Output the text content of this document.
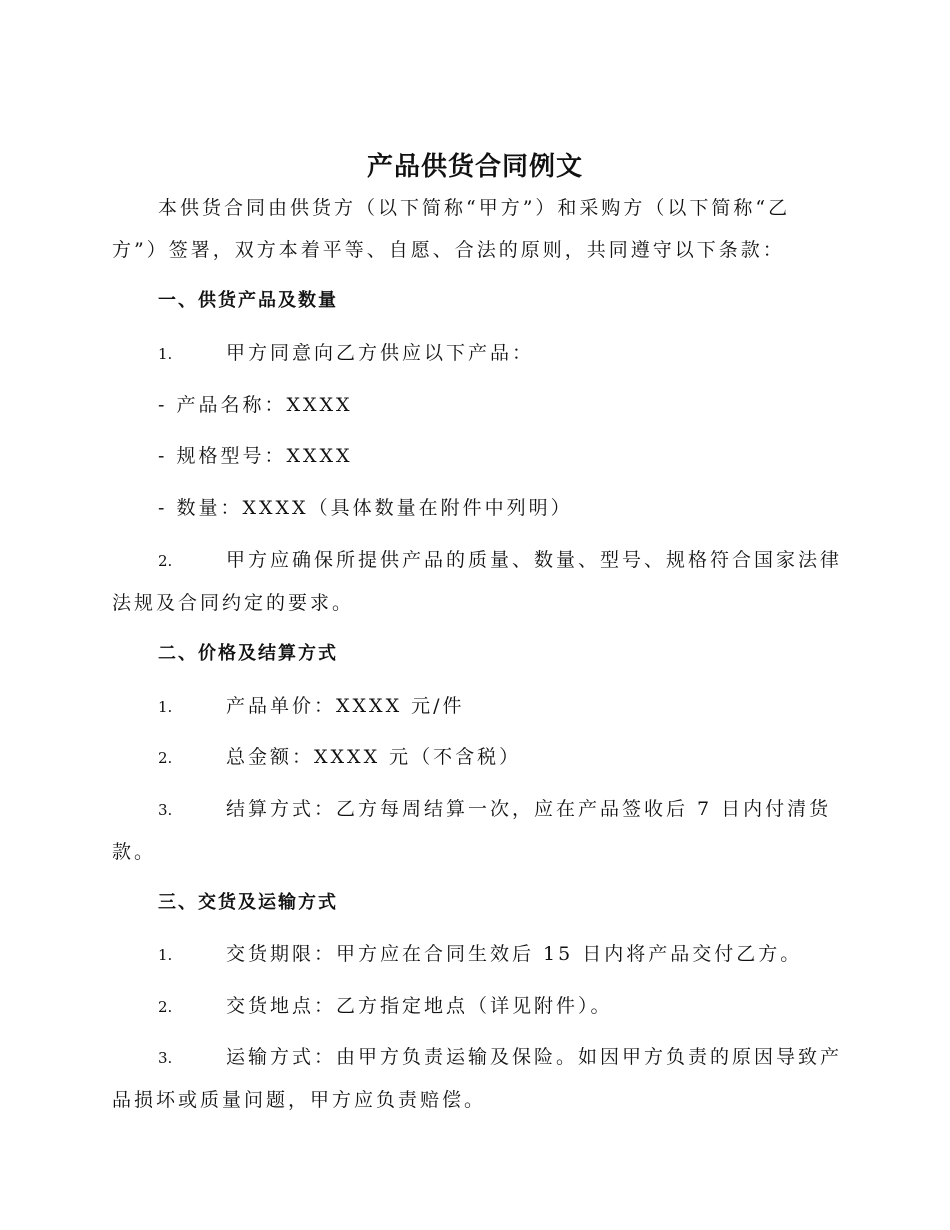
产品供货合同例文

本供货合同由供货方（以下简称“甲方”）和采购方（以下简称“乙

方”）签署，双方本着平等、自愿、合法的原则，共同遵守以下条款：

一、供货产品及数量

1.	甲方同意向乙方供应以下产品：

- 产品名称：XXXX

- 规格型号：XXXX

- 数量：XXXX（具体数量在附件中列明）

2.	甲方应确保所提供产品的质量、数量、型号、规格符合国家法律

法规及合同约定的要求。

二、价格及结算方式

1.	产品单价：XXXX 元/件

2.	总金额：XXXX 元（不含税）

3.	结算方式：乙方每周结算一次，应在产品签收后 7 日内付清货

款。

三、交货及运输方式

1.	交货期限：甲方应在合同生效后 15 日内将产品交付乙方。

2.	交货地点：乙方指定地点（详见附件）。

3.	运输方式：由甲方负责运输及保险。如因甲方负责的原因导致产

品损坏或质量问题，甲方应负责赔偿。
